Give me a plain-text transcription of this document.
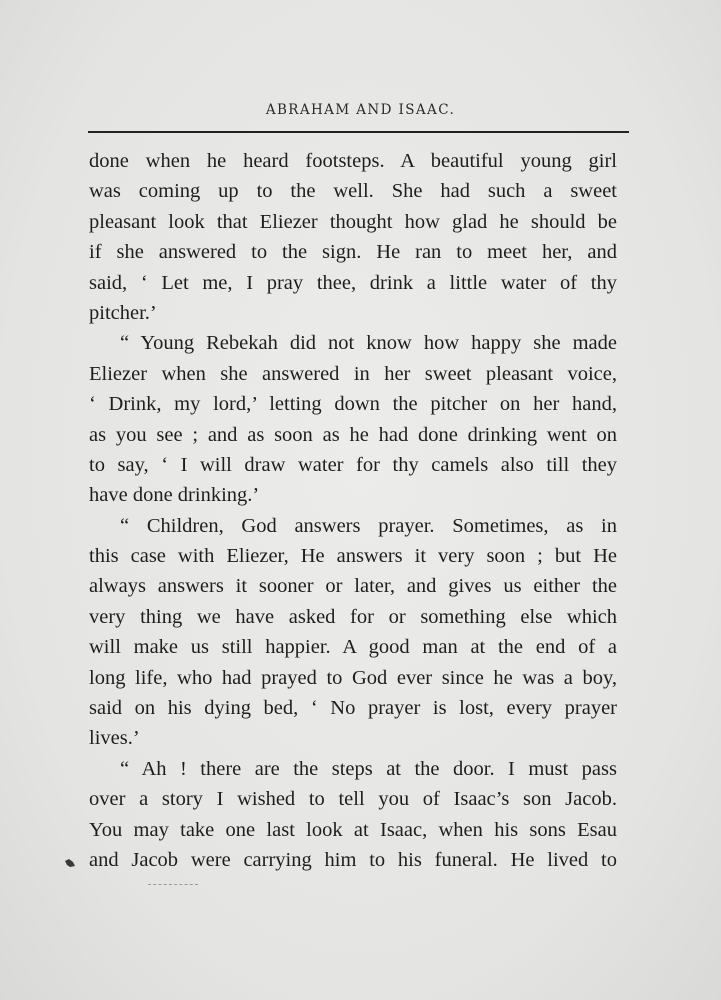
ABRAHAM AND ISAAC.
done when he heard footsteps. A beautiful young girl
was coming up to the well. She had such a sweet
pleasant look that Eliezer thought how glad he should be
if she answered to the sign. He ran to meet her, and
said, ‘ Let me, I pray thee, drink a little water of thy
pitcher.’
“ Young Rebekah did not know how happy she made
Eliezer when she answered in her sweet pleasant voice,
‘ Drink, my lord,’ letting down the pitcher on her hand,
as you see ; and as soon as he had done drinking went on
to say, ‘ I will draw water for thy camels also till they
have done drinking.’
“ Children, God answers prayer. Sometimes, as in
this case with Eliezer, He answers it very soon ; but He
always answers it sooner or later, and gives us either the
very thing we have asked for or something else which
will make us still happier. A good man at the end of a
long life, who had prayed to God ever since he was a boy,
said on his dying bed, ‘ No prayer is lost, every prayer
lives.’
“ Ah ! there are the steps at the door. I must pass
over a story I wished to tell you of Isaac’s son Jacob.
You may take one last look at Isaac, when his sons Esau
and Jacob were carrying him to his funeral. He lived to
